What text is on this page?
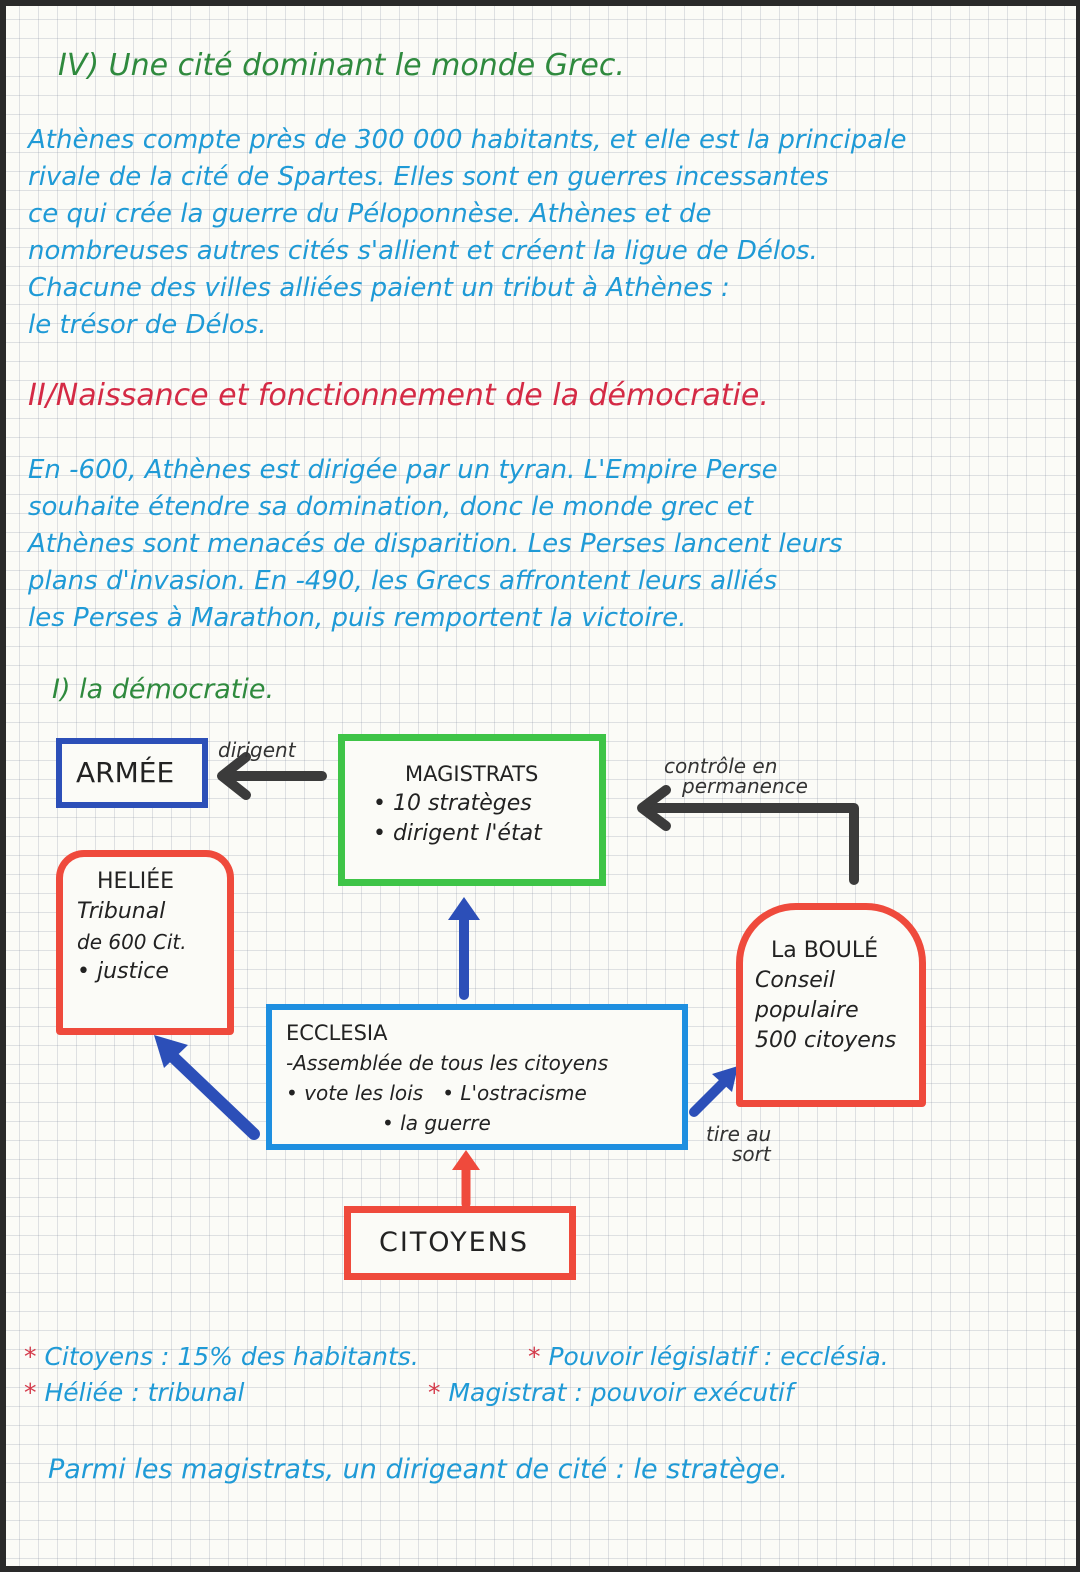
IV) Une cité dominant le monde Grec.
Athènes compte près de 300 000 habitants, et elle est la principale
rivale de la cité de Spartes. Elles sont en guerres incessantes
ce qui crée la guerre du Péloponnèse. Athènes et de
nombreuses autres cités s'allient et créent la ligue de Délos.
Chacune des villes alliées paient un tribut à Athènes :
le trésor de Délos.
II/Naissance et fonctionnement de la démocratie.
En -600, Athènes est dirigée par un tyran. L'Empire Perse
souhaite étendre sa domination, donc le monde grec et
Athènes sont menacés de disparition. Les Perses lancent leurs
plans d'invasion. En -490, les Grecs affrontent leurs alliés
les Perses à Marathon, puis remportent la victoire.
I) la démocratie.
ARMÉE	MAGISTRATS
• 10 stratèges
• dirigent l'état
HELIÉE
Tribunal
de 600 Cit.
• justice
La BOULÉ
Conseil
populaire
500 citoyens
ECCLESIA
-Assemblée de tous les citoyens
• vote les lois   • L'ostracisme
• la guerre
CITOYENS
dirigent
contrôle en
permanence
tire au
sort
* Citoyens : 15% des habitants.	* Pouvoir législatif : ecclésia.
* Héliée : tribunal	* Magistrat : pouvoir exécutif
Parmi les magistrats, un dirigeant de cité : le stratège.
